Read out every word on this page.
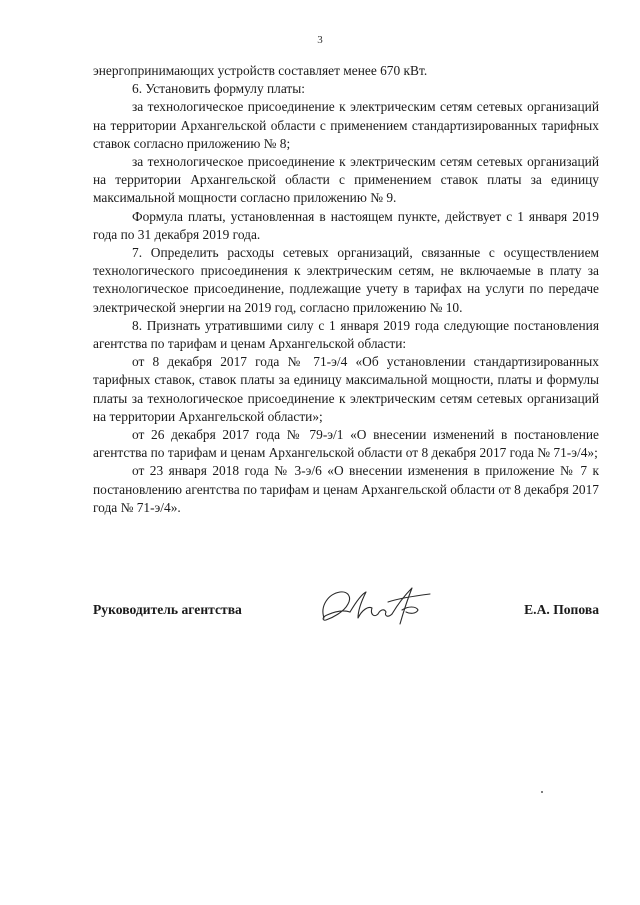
3

энергопринимающих устройств составляет менее 670 кВт.

6. Установить формулу платы:

за технологическое присоединение к электрическим сетям сетевых организаций на территории Архангельской области с применением стандартизированных тарифных ставок согласно приложению № 8;

за технологическое присоединение к электрическим сетям сетевых организаций на территории Архангельской области с применением ставок платы за единицу максимальной мощности согласно приложению № 9.

Формула платы, установленная в настоящем пункте, действует с 1 января 2019 года по 31 декабря 2019 года.

7. Определить расходы сетевых организаций, связанные с осуществлением технологического присоединения к электрическим сетям, не включаемые в плату за технологическое присоединение, подлежащие учету в тарифах на услуги по передаче электрической энергии на 2019 год, согласно приложению № 10.

8. Признать утратившими силу с 1 января 2019 года следующие постановления агентства по тарифам и ценам Архангельской области:

от 8 декабря 2017 года № 71-э/4 «Об установлении стандартизированных тарифных ставок, ставок платы за единицу максимальной мощности, платы и формулы платы за технологическое присоединение к электрическим сетям сетевых организаций на территории Архангельской области»;

от 26 декабря 2017 года № 79-э/1 «О внесении изменений в постановление агентства по тарифам и ценам Архангельской области от 8 декабря 2017 года № 71-э/4»;

от 23 января 2018 года № 3-э/6 «О внесении изменения в приложение № 7 к постановлению агентства по тарифам и ценам Архангельской области от 8 декабря 2017 года № 71-э/4».

Руководитель агентства	Е.А. Попова
